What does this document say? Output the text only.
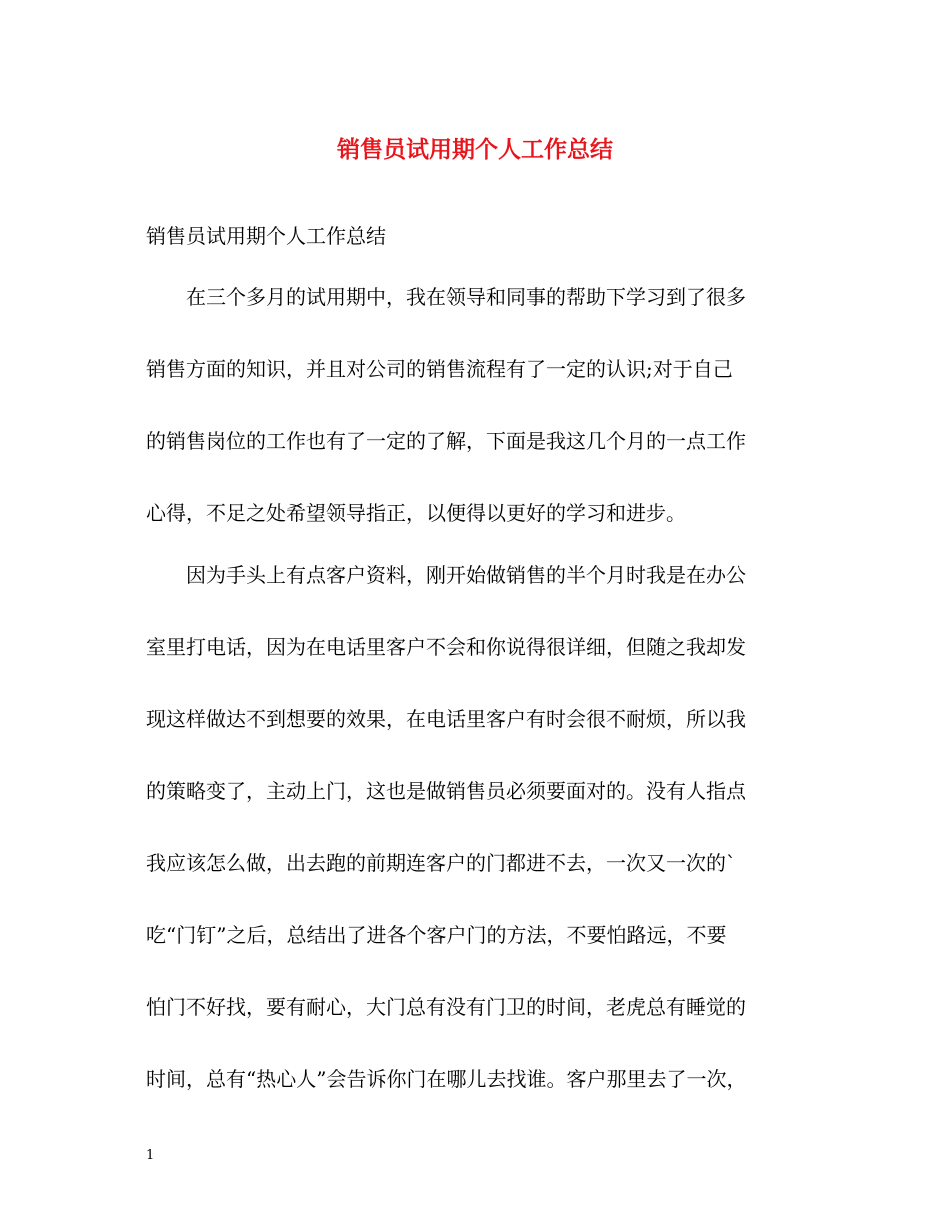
销售员试用期个人工作总结

销售员试用期个人工作总结

在三个多月的试用期中，我在领导和同事的帮助下学习到了很多

销售方面的知识，并且对公司的销售流程有了一定的认识;对于自己

的销售岗位的工作也有了一定的了解，下面是我这几个月的一点工作

心得，不足之处希望领导指正，以便得以更好的学习和进步。

因为手头上有点客户资料，刚开始做销售的半个月时我是在办公

室里打电话，因为在电话里客户不会和你说得很详细，但随之我却发

现这样做达不到想要的效果，在电话里客户有时会很不耐烦，所以我

的策略变了，主动上门，这也是做销售员必须要面对的。没有人指点

我应该怎么做，出去跑的前期连客户的门都进不去，一次又一次的`

吃“门钉”之后，总结出了进各个客户门的方法，不要怕路远，不要

怕门不好找，要有耐心，大门总有没有门卫的时间，老虎总有睡觉的

时间，总有“热心人”会告诉你门在哪儿去找谁。客户那里去了一次，

1
